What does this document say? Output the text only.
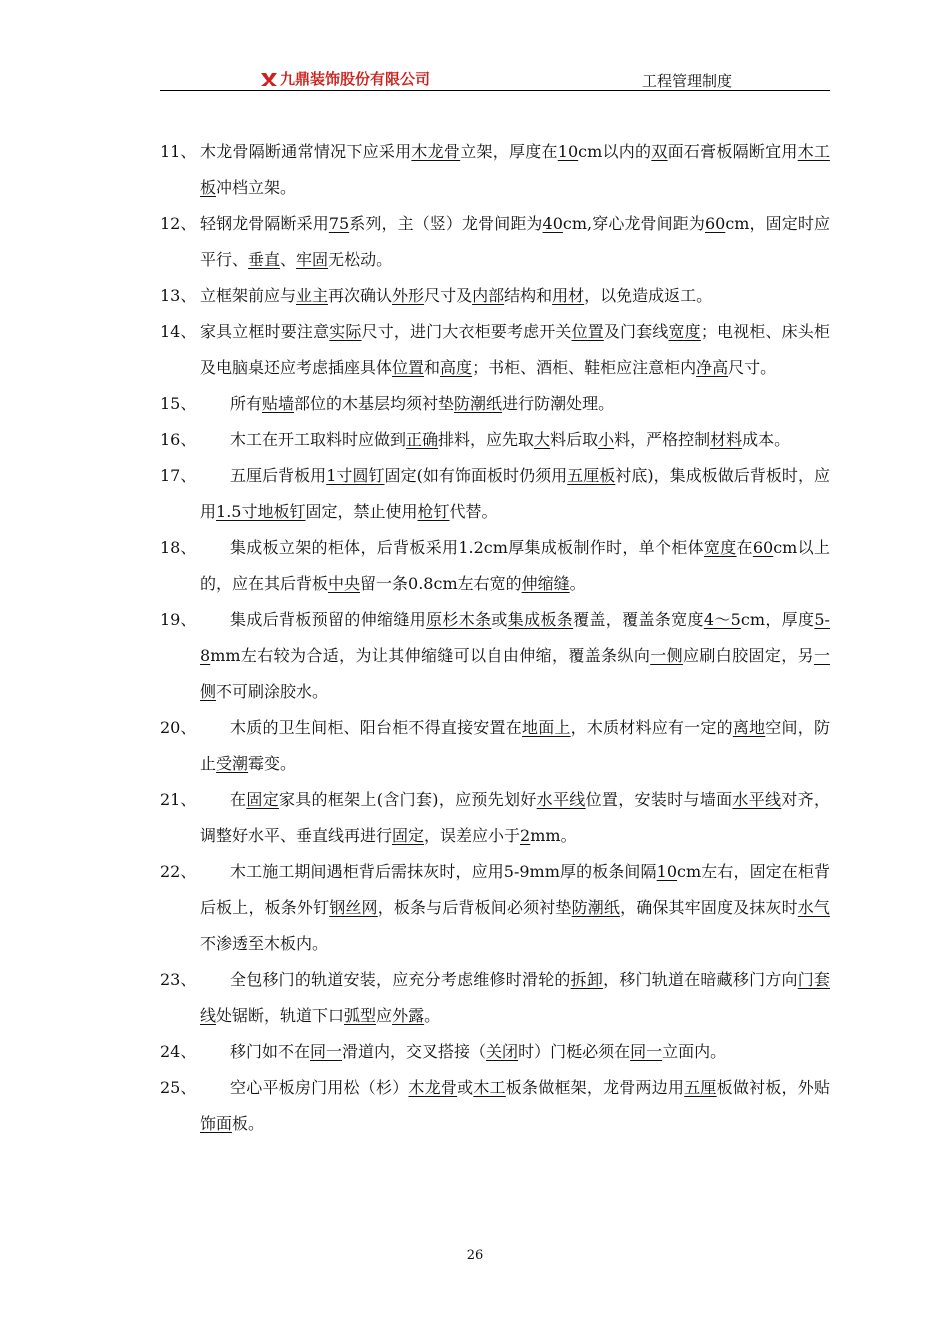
九鼎装饰股份有限公司	工程管理制度
11、 木龙骨隔断通常情况下应采用木龙骨立架，厚度在10cm以内的双面石膏板隔断宜用木工板冲档立架。
12、 轻钢龙骨隔断采用75系列，主（竖）龙骨间距为40cm,穿心龙骨间距为60cm，固定时应平行、垂直、牢固无松动。
13、 立框架前应与业主再次确认外形尺寸及内部结构和用材，以免造成返工。
14、 家具立框时要注意实际尺寸，进门大衣柜要考虑开关位置及门套线宽度；电视柜、床头柜及电脑桌还应考虑插座具体位置和高度；书柜、酒柜、鞋柜应注意柜内净高尺寸。
15、	所有贴墙部位的木基层均须衬垫防潮纸进行防潮处理。
16、	木工在开工取料时应做到正确排料，应先取大料后取小料，严格控制材料成本。
17、	五厘后背板用1寸圆钉固定(如有饰面板时仍须用五厘板衬底)，集成板做后背板时，应用1.5寸地板钉固定，禁止使用枪钉代替。
18、	集成板立架的柜体，后背板采用1.2cm厚集成板制作时，单个柜体宽度在60cm以上的，应在其后背板中央留一条0.8cm左右宽的伸缩缝。
19、	集成后背板预留的伸缩缝用原杉木条或集成板条覆盖，覆盖条宽度4～5cm，厚度5-8mm左右较为合适，为让其伸缩缝可以自由伸缩，覆盖条纵向一侧应刷白胶固定，另一侧不可刷涂胶水。
20、	木质的卫生间柜、阳台柜不得直接安置在地面上，木质材料应有一定的离地空间，防止受潮霉变。
21、	在固定家具的框架上(含门套)，应预先划好水平线位置，安装时与墙面水平线对齐，调整好水平、垂直线再进行固定，误差应小于2mm。
22、	木工施工期间遇柜背后需抹灰时，应用5-9mm厚的板条间隔10cm左右，固定在柜背后板上，板条外钉钢丝网，板条与后背板间必须衬垫防潮纸，确保其牢固度及抹灰时水气不渗透至木板内。
23、	全包移门的轨道安装，应充分考虑维修时滑轮的拆卸，移门轨道在暗藏移门方向门套线处锯断，轨道下口弧型应外露。
24、	移门如不在同一滑道内，交叉搭接（关闭时）门梃必须在同一立面内。
25、	空心平板房门用松（杉）木龙骨或木工板条做框架，龙骨两边用五厘板做衬板，外贴饰面板。
26
